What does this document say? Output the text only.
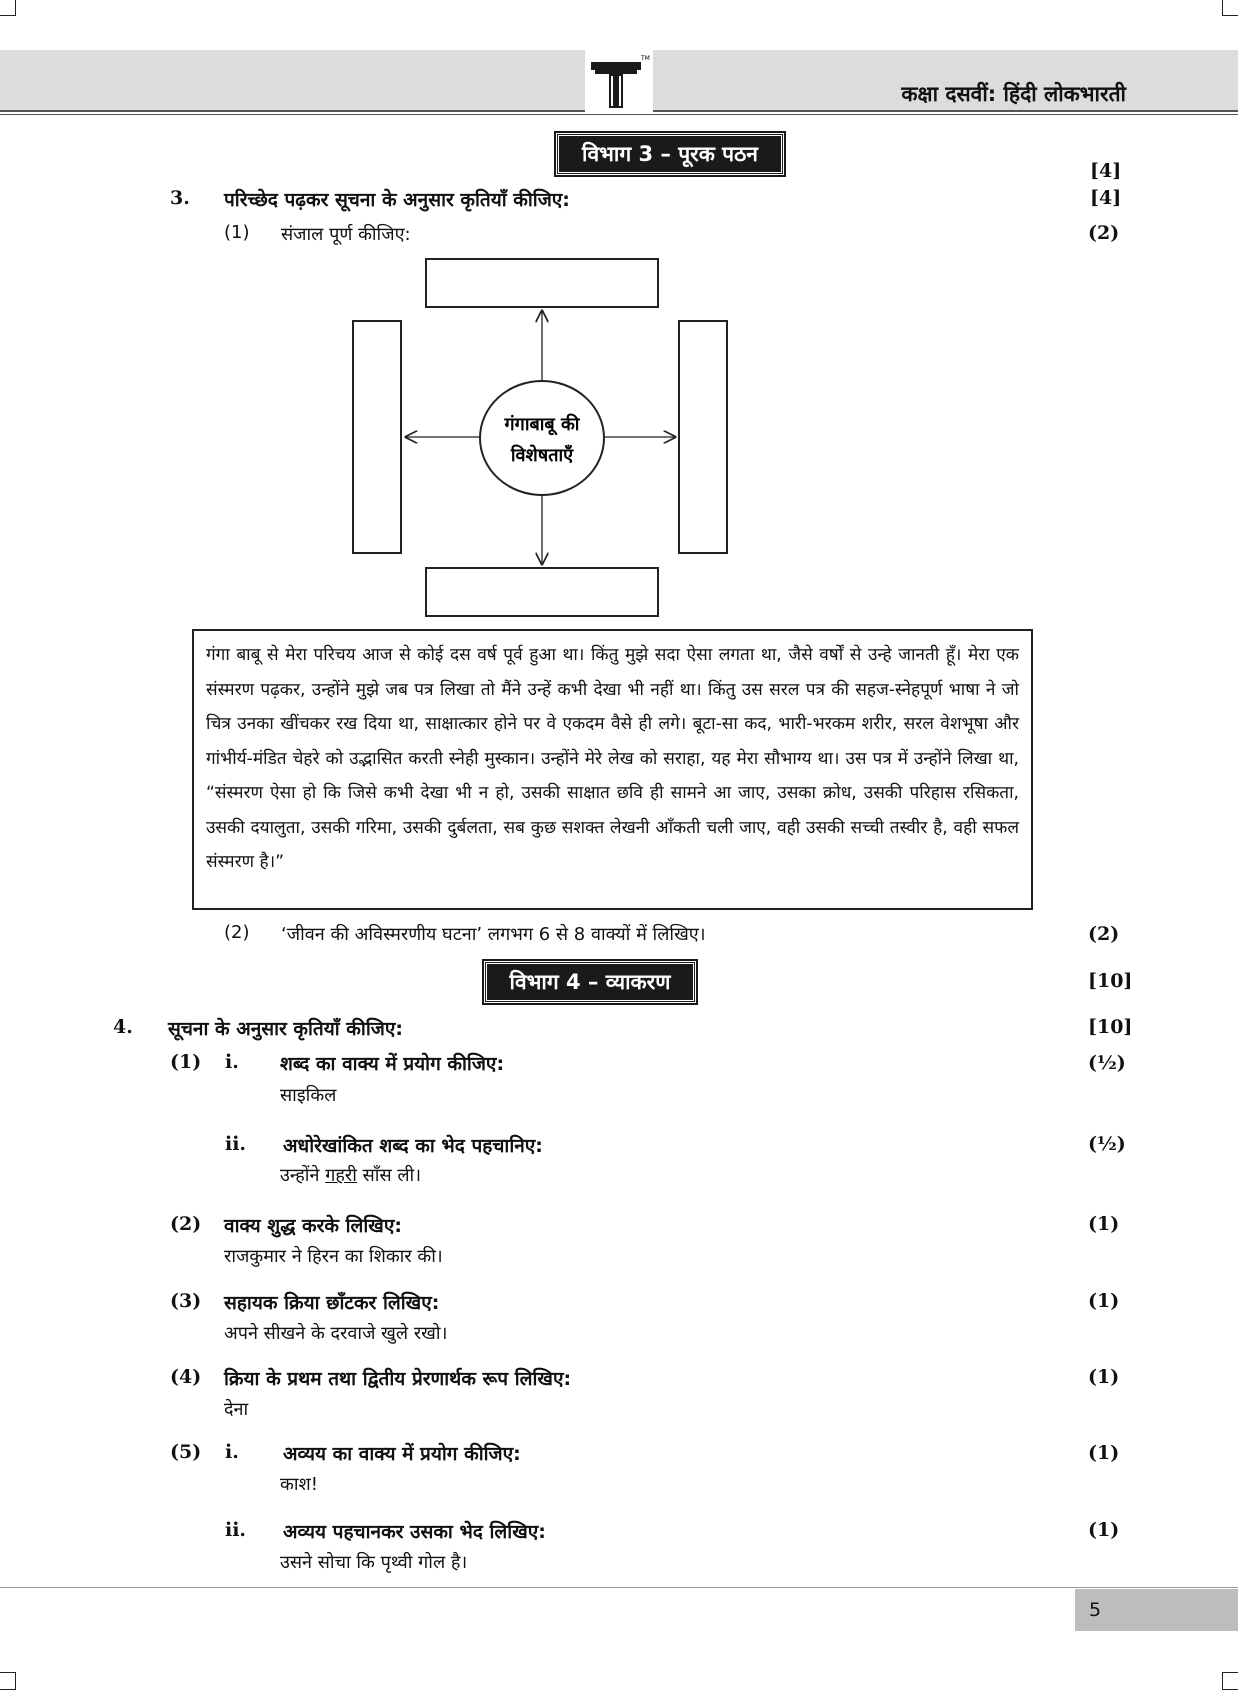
TM
कक्षा दसवीं: हिंदी लोकभारती
विभाग 3 – पूरक पठन
[4]
3. परिच्छेद पढ़कर सूचना के अनुसार कृतियाँ कीजिए:	[4]
(1) संजाल पूर्ण कीजिए:	(2)
गंगाबाबू की
विशेषताएँ
गंगा बाबू से मेरा परिचय आज से कोई दस वर्ष पूर्व हुआ था। किंतु मुझे सदा ऐसा लगता था, जैसे वर्षों से उन्हे जानती हूँ। मेरा एक संस्मरण पढ़कर, उन्होंने मुझे जब पत्र लिखा तो मैंने उन्हें कभी देखा भी नहीं था। किंतु उस सरल पत्र की सहज-स्नेहपूर्ण भाषा ने जो चित्र उनका खींचकर रख दिया था, साक्षात्कार होने पर वे एकदम वैसे ही लगे। बूटा-सा कद, भारी-भरकम शरीर, सरल वेशभूषा और गांभीर्य-मंडित चेहरे को उद्भासित करती स्नेही मुस्कान। उन्होंने मेरे लेख को सराहा, यह मेरा सौभाग्य था। उस पत्र में उन्होंने लिखा था, “संस्मरण ऐसा हो कि जिसे कभी देखा भी न हो, उसकी साक्षात छवि ही सामने आ जाए, उसका क्रोध, उसकी परिहास रसिकता, उसकी दयालुता, उसकी गरिमा, उसकी दुर्बलता, सब कुछ सशक्त लेखनी आँकती चली जाए, वही उसकी सच्ची तस्वीर है, वही सफल संस्मरण है।”
(2) ‘जीवन की अविस्मरणीय घटना’ लगभग 6 से 8 वाक्यों में लिखिए।	(2)
विभाग 4 – व्याकरण	[10]
4. सूचना के अनुसार कृतियाँ कीजिए:	[10]
(1) i. शब्द का वाक्य में प्रयोग कीजिए:
साइकिल
(½)
ii. अधोरेखांकित शब्द का भेद पहचानिए:
उन्होंने गहरी साँस ली।
(½)
(2) वाक्य शुद्ध करके लिखिए:
राजकुमार ने हिरन का शिकार की।
(1)
(3) सहायक क्रिया छाँटकर लिखिए:
अपने सीखने के दरवाजे खुले रखो।
(1)
(4) क्रिया के प्रथम तथा द्वितीय प्रेरणार्थक रूप लिखिए:
देना
(1)
(5) i. अव्यय का वाक्य में प्रयोग कीजिए:
काश!
(1)
ii. अव्यय पहचानकर उसका भेद लिखिए:
उसने सोचा कि पृथ्वी गोल है।
(1)
5
